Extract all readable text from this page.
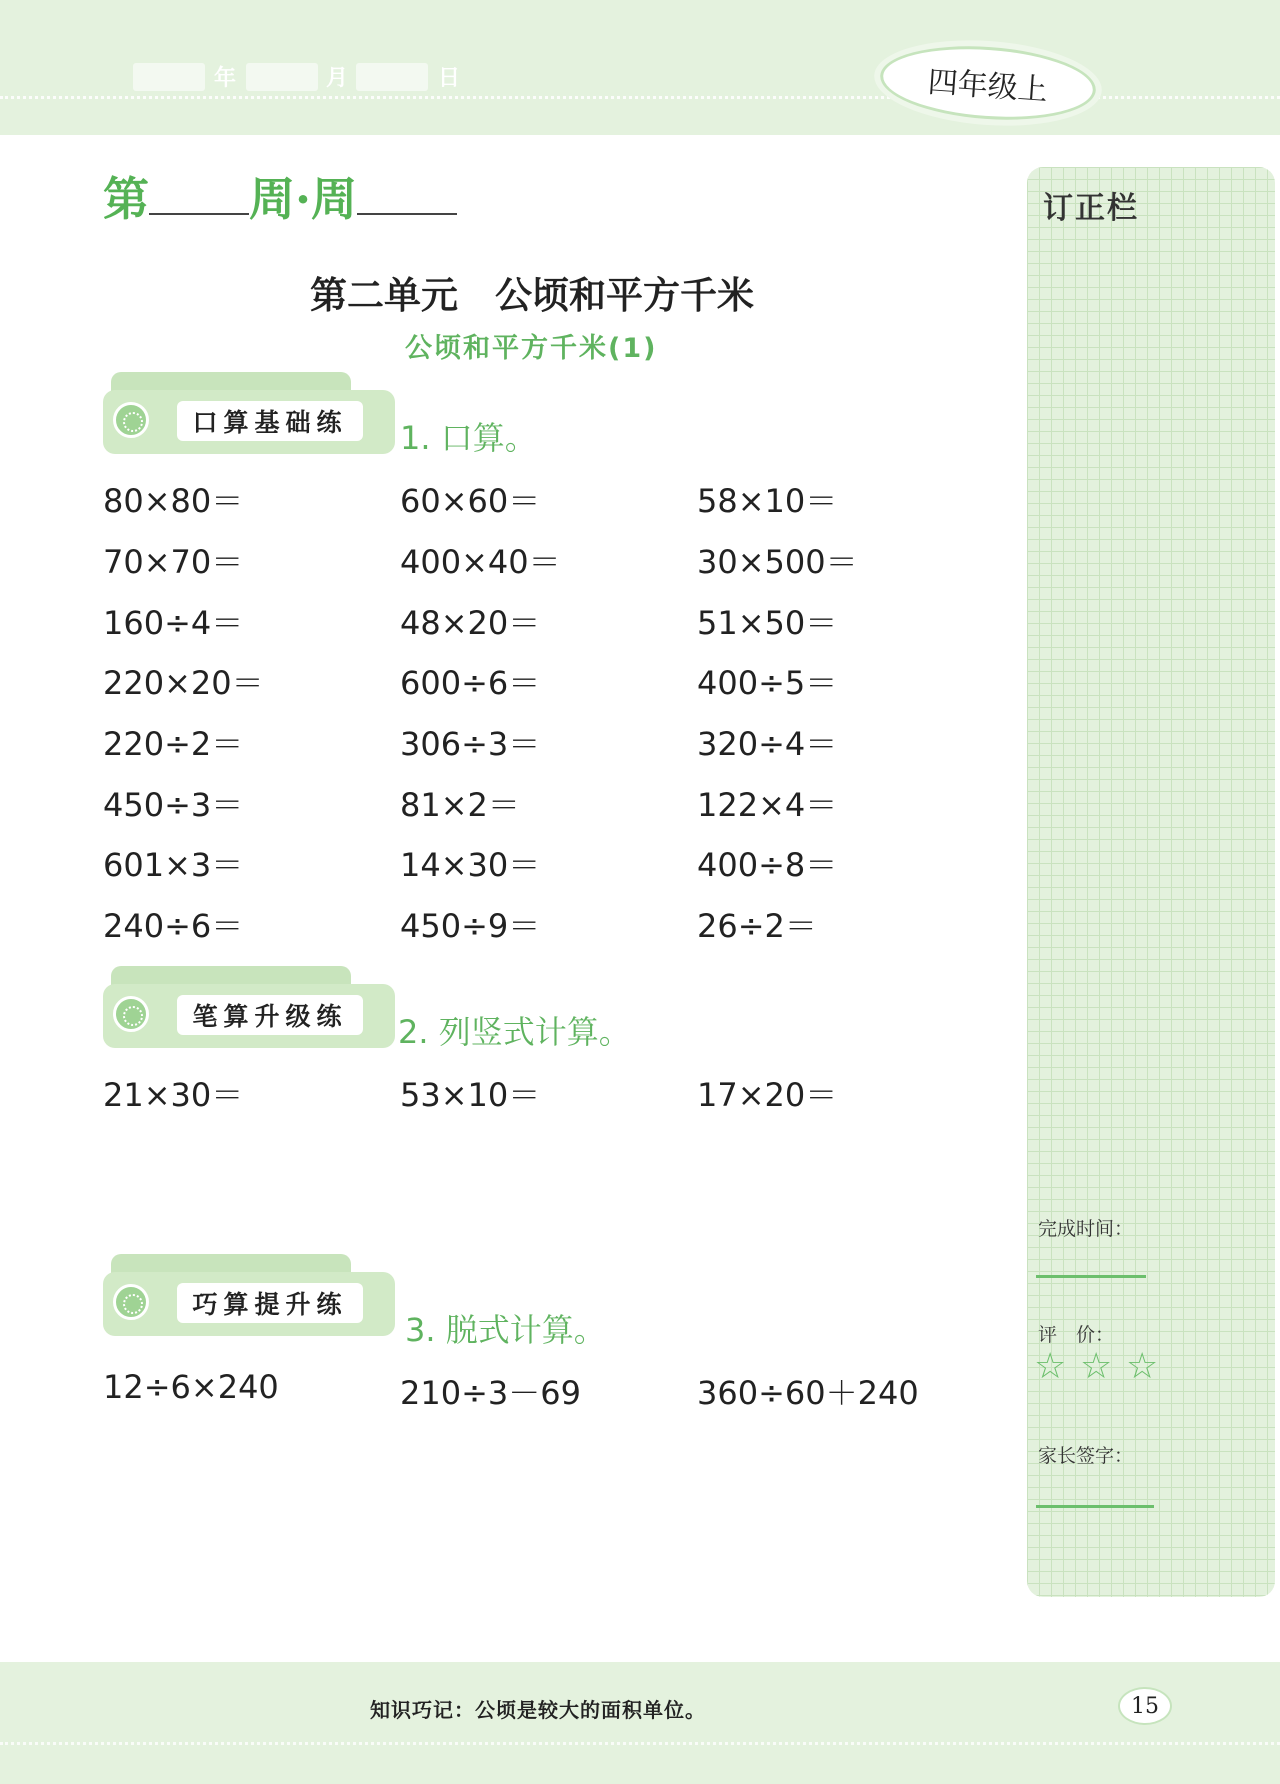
年	月	日	四年级上
第 周·周
第二单元　公顷和平方千米
公顷和平方千米(1)
口算基础练	1. 口算。
80×80＝	60×60＝	58×10＝
70×70＝	400×40＝	30×500＝
160÷4＝	48×20＝	51×50＝
220×20＝	600÷6＝	400÷5＝
220÷2＝	306÷3＝	320÷4＝
450÷3＝	81×2＝	122×4＝
601×3＝	14×30＝	400÷8＝
240÷6＝	450÷9＝	26÷2＝
笔算升级练	2. 列竖式计算。
21×30＝	53×10＝	17×20＝
巧算提升练
3. 脱式计算。
12÷6×240	210÷3－69	360÷60＋240
订正栏
完成时间：
评　价：
☆ ☆ ☆
家长签字：
知识巧记：公顷是较大的面积单位。	15
